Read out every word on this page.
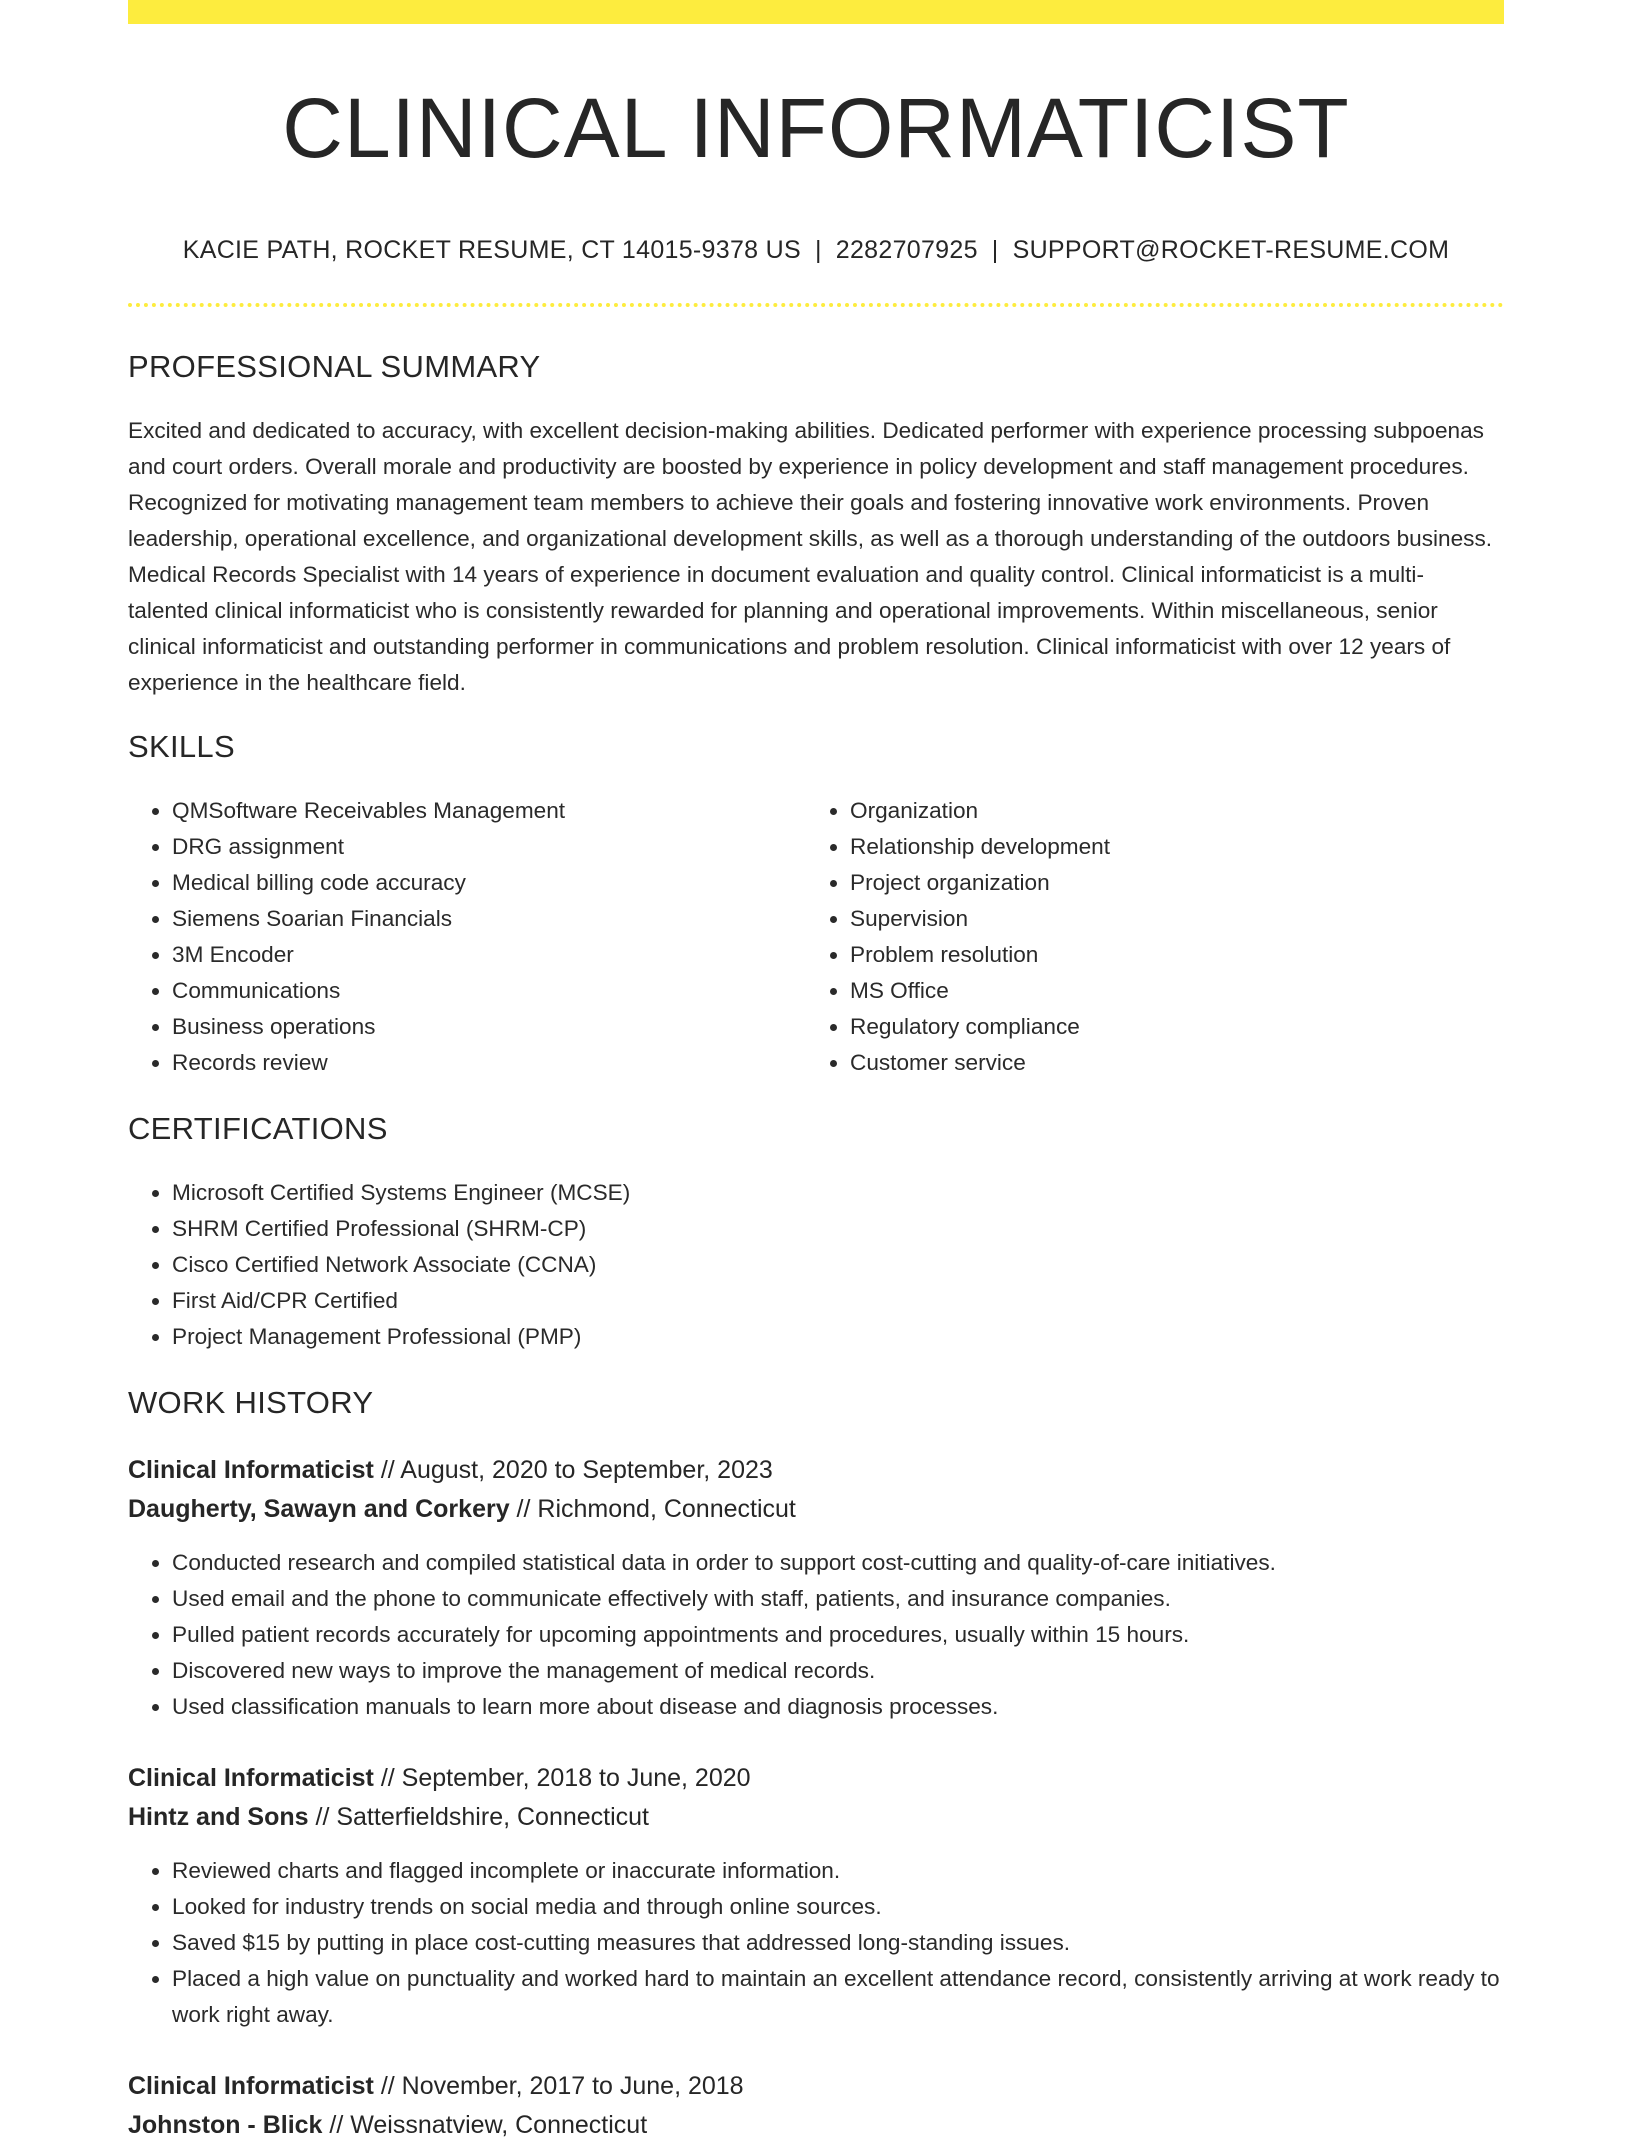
CLINICAL INFORMATICIST
KACIE PATH, ROCKET RESUME, CT 14015-9378 US | 2282707925 | SUPPORT@ROCKET-RESUME.COM
PROFESSIONAL SUMMARY
Excited and dedicated to accuracy, with excellent decision-making abilities. Dedicated performer with experience processing subpoenas and court orders. Overall morale and productivity are boosted by experience in policy development and staff management procedures. Recognized for motivating management team members to achieve their goals and fostering innovative work environments. Proven leadership, operational excellence, and organizational development skills, as well as a thorough understanding of the outdoors business. Medical Records Specialist with 14 years of experience in document evaluation and quality control. Clinical informaticist is a multi-talented clinical informaticist who is consistently rewarded for planning and operational improvements. Within miscellaneous, senior clinical informaticist and outstanding performer in communications and problem resolution. Clinical informaticist with over 12 years of experience in the healthcare field.
SKILLS
• QMSoftware Receivables Management
• DRG assignment
• Medical billing code accuracy
• Siemens Soarian Financials
• 3M Encoder
• Communications
• Business operations
• Records review
• Organization
• Relationship development
• Project organization
• Supervision
• Problem resolution
• MS Office
• Regulatory compliance
• Customer service
CERTIFICATIONS
• Microsoft Certified Systems Engineer (MCSE)
• SHRM Certified Professional (SHRM-CP)
• Cisco Certified Network Associate (CCNA)
• First Aid/CPR Certified
• Project Management Professional (PMP)
WORK HISTORY
Clinical Informaticist // August, 2020 to September, 2023
Daugherty, Sawayn and Corkery // Richmond, Connecticut
• Conducted research and compiled statistical data in order to support cost-cutting and quality-of-care initiatives.
• Used email and the phone to communicate effectively with staff, patients, and insurance companies.
• Pulled patient records accurately for upcoming appointments and procedures, usually within 15 hours.
• Discovered new ways to improve the management of medical records.
• Used classification manuals to learn more about disease and diagnosis processes.
Clinical Informaticist // September, 2018 to June, 2020
Hintz and Sons // Satterfieldshire, Connecticut
• Reviewed charts and flagged incomplete or inaccurate information.
• Looked for industry trends on social media and through online sources.
• Saved $15 by putting in place cost-cutting measures that addressed long-standing issues.
• Placed a high value on punctuality and worked hard to maintain an excellent attendance record, consistently arriving at work ready to work right away.
Clinical Informaticist // November, 2017 to June, 2018
Johnston - Blick // Weissnatview, Connecticut
